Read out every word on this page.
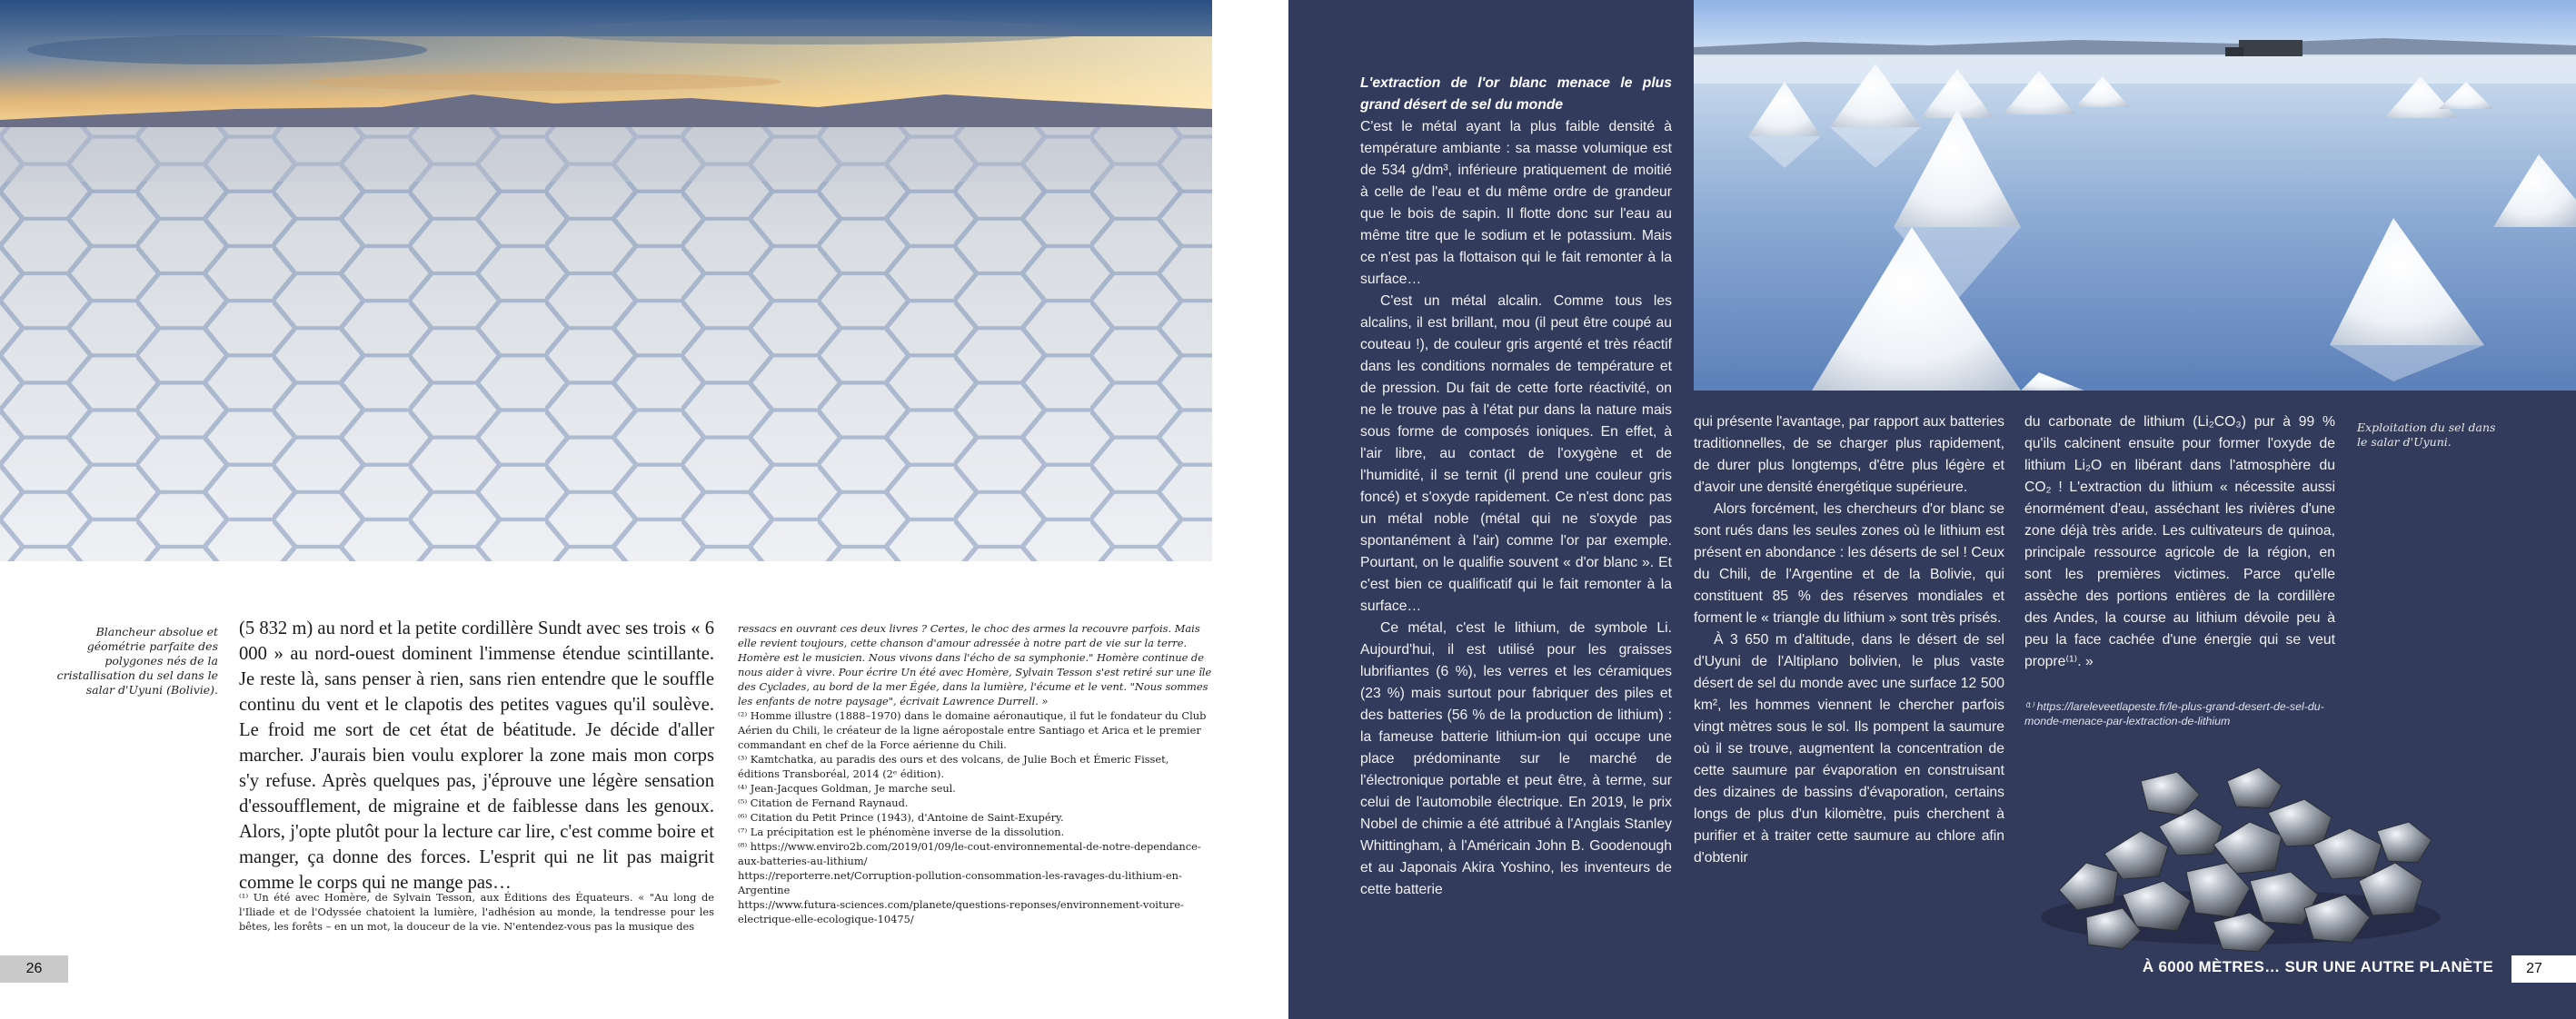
Blancheur absolue et géométrie parfaite des polygones nés de la cristallisation du sel dans le salar d'Uyuni (Bolivie).

(5 832 m) au nord et la petite cordillère Sundt avec ses trois « 6 000 » au nord-ouest dominent l'immense étendue scintillante. Je reste là, sans penser à rien, sans rien entendre que le souffle continu du vent et le clapotis des petites vagues qu'il soulève. Le froid me sort de cet état de béatitude. Je décide d'aller marcher. J'aurais bien voulu explorer la zone mais mon corps s'y refuse. Après quelques pas, j'éprouve une légère sensation d'essoufflement, de migraine et de faiblesse dans les genoux. Alors, j'opte plutôt pour la lecture car lire, c'est comme boire et manger, ça donne des forces. L'esprit qui ne lit pas maigrit comme le corps qui ne mange pas…

⁽¹⁾ Un été avec Homère, de Sylvain Tesson, aux Éditions des Équateurs. « "Au long de l'Iliade et de l'Odyssée chatoient la lumière, l'adhésion au monde, la tendresse pour les bêtes, les forêts – en un mot, la douceur de la vie. N'entendez-vous pas la musique des

ressacs en ouvrant ces deux livres ? Certes, le choc des armes la recouvre parfois. Mais elle revient toujours, cette chanson d'amour adressée à notre part de vie sur la terre. Homère est le musicien. Nous vivons dans l'écho de sa symphonie." Homère continue de nous aider à vivre. Pour écrire Un été avec Homère, Sylvain Tesson s'est retiré sur une île des Cyclades, au bord de la mer Égée, dans la lumière, l'écume et le vent. "Nous sommes les enfants de notre paysage", écrivait Lawrence Durrell. »

⁽²⁾ Homme illustre (1888–1970) dans le domaine aéronautique, il fut le fondateur du Club Aérien du Chili, le créateur de la ligne aéropostale entre Santiago et Arica et le premier commandant en chef de la Force aérienne du Chili.

⁽³⁾ Kamtchatka, au paradis des ours et des volcans, de Julie Boch et Émeric Fisset, éditions Transboréal, 2014 (2ᵉ édition).

⁽⁴⁾ Jean-Jacques Goldman, Je marche seul.

⁽⁵⁾ Citation de Fernand Raynaud.

⁽⁶⁾ Citation du Petit Prince (1943), d'Antoine de Saint-Exupéry.

⁽⁷⁾ La précipitation est le phénomène inverse de la dissolution.

⁽⁸⁾ https://www.enviro2b.com/2019/01/09/le-cout-environnemental-de-notre-dependance-aux-batteries-au-lithium/

https://reporterre.net/Corruption-pollution-consommation-les-ravages-du-lithium-en-Argentine

https://www.futura-sciences.com/planete/questions-reponses/environnement-voiture-electrique-elle-ecologique-10475/

26

L'extraction de l'or blanc menace le plus grand désert de sel du monde

C'est le métal ayant la plus faible densité à température ambiante : sa masse volumique est de 534 g/dm³, inférieure pratiquement de moitié à celle de l'eau et du même ordre de grandeur que le bois de sapin. Il flotte donc sur l'eau au même titre que le sodium et le potassium. Mais ce n'est pas la flottaison qui le fait remonter à la surface…

C'est un métal alcalin. Comme tous les alcalins, il est brillant, mou (il peut être coupé au couteau !), de couleur gris argenté et très réactif dans les conditions normales de température et de pression. Du fait de cette forte réactivité, on ne le trouve pas à l'état pur dans la nature mais sous forme de composés ioniques. En effet, à l'air libre, au contact de l'oxygène et de l'humidité, il se ternit (il prend une couleur gris foncé) et s'oxyde rapidement. Ce n'est donc pas un métal noble (métal qui ne s'oxyde pas spontanément à l'air) comme l'or par exemple. Pourtant, on le qualifie souvent « d'or blanc ». Et c'est bien ce qualificatif qui le fait remonter à la surface…

Ce métal, c'est le lithium, de symbole Li. Aujourd'hui, il est utilisé pour les graisses lubrifiantes (6 %), les verres et les céramiques (23 %) mais surtout pour fabriquer des piles et des batteries (56 % de la production de lithium) : la fameuse batterie lithium-ion qui occupe une place prédominante sur le marché de l'électronique portable et peut être, à terme, sur celui de l'automobile électrique. En 2019, le prix Nobel de chimie a été attribué à l'Anglais Stanley Whittingham, à l'Américain John B. Goodenough et au Japonais Akira Yoshino, les inventeurs de cette batterie

qui présente l'avantage, par rapport aux batteries traditionnelles, de se charger plus rapidement, de durer plus longtemps, d'être plus légère et d'avoir une densité énergétique supérieure.

Alors forcément, les chercheurs d'or blanc se sont rués dans les seules zones où le lithium est présent en abondance : les déserts de sel ! Ceux du Chili, de l'Argentine et de la Bolivie, qui constituent 85 % des réserves mondiales et forment le « triangle du lithium » sont très prisés.

À 3 650 m d'altitude, dans le désert de sel d'Uyuni de l'Altiplano bolivien, le plus vaste désert de sel du monde avec une surface 12 500 km², les hommes viennent le chercher parfois vingt mètres sous le sol. Ils pompent la saumure où il se trouve, augmentent la concentration de cette saumure par évaporation en construisant des dizaines de bassins d'évaporation, certains longs de plus d'un kilomètre, puis cherchent à purifier et à traiter cette saumure au chlore afin d'obtenir

du carbonate de lithium (Li₂CO₃) pur à 99 % qu'ils calcinent ensuite pour former l'oxyde de lithium Li₂O en libérant dans l'atmosphère du CO₂ ! L'extraction du lithium « nécessite aussi énormément d'eau, asséchant les rivières d'une zone déjà très aride. Les cultivateurs de quinoa, principale ressource agricole de la région, en sont les premières victimes. Parce qu'elle assèche des portions entières de la cordillère des Andes, la course au lithium dévoile peu à peu la face cachée d'une énergie qui se veut propre⁽¹⁾. »

⁽¹⁾ https://lareleveetlapeste.fr/le-plus-grand-desert-de-sel-du-monde-menace-par-lextraction-de-lithium
Exploitation du sel dans le salar d'Uyuni.
À 6000 MÈTRES… SUR UNE AUTRE PLANÈTE	27
